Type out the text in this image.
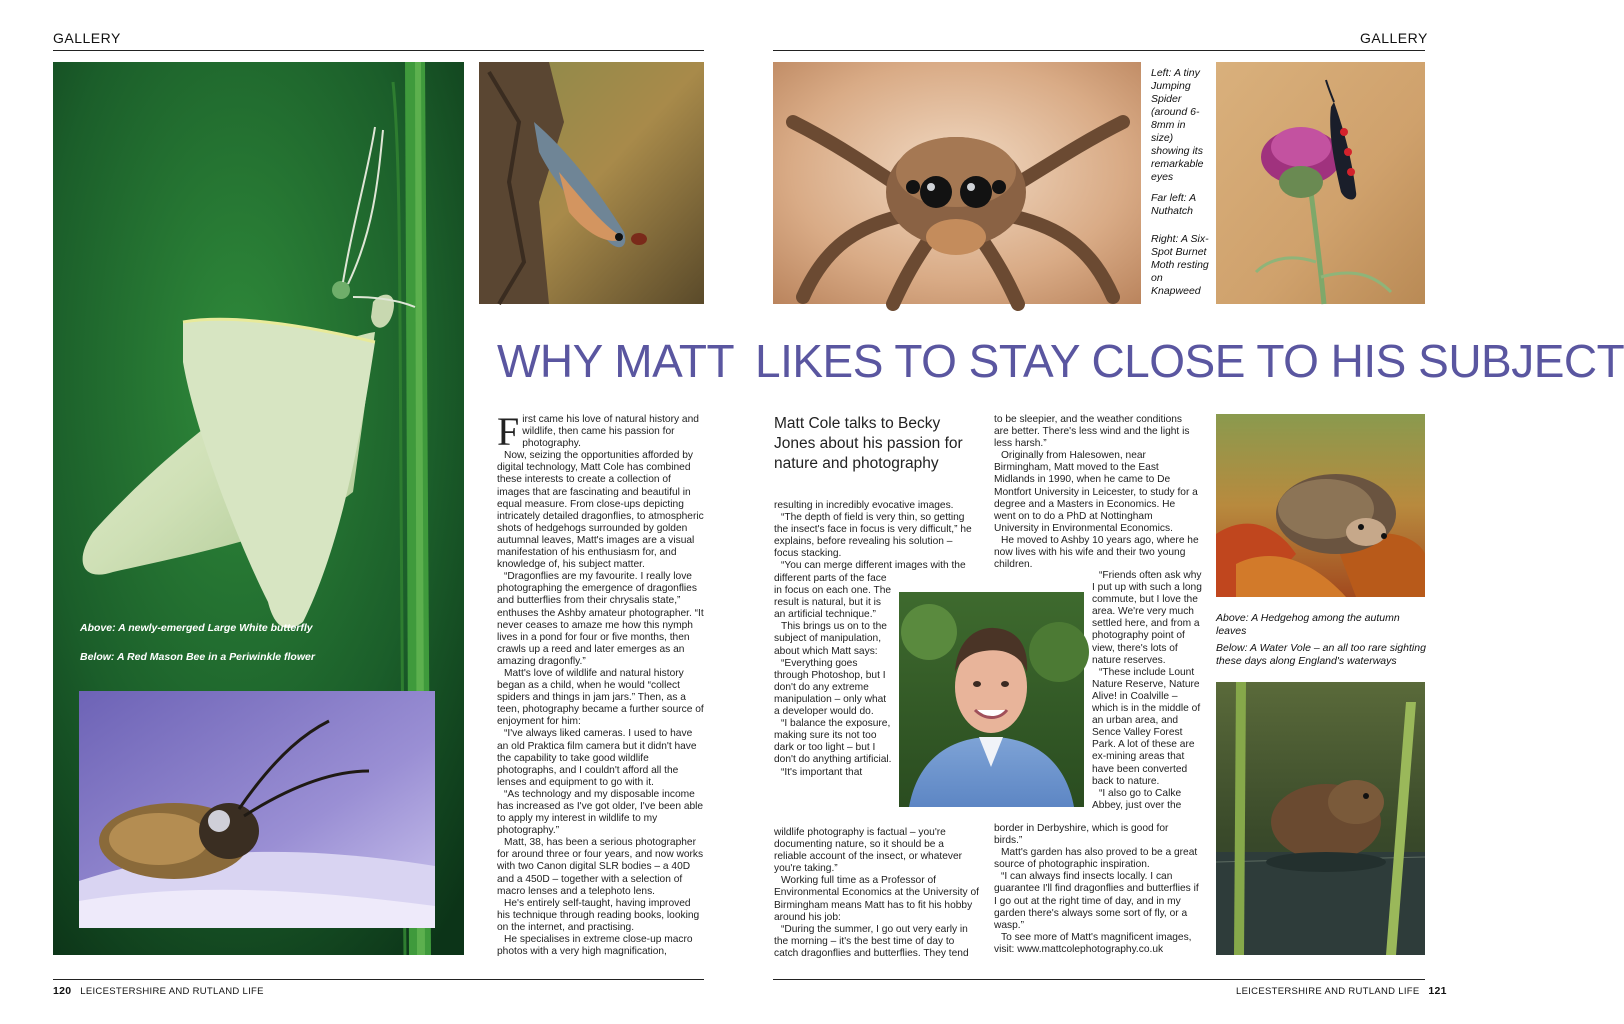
GALLERY
Above: A newly-emerged Large White butterfly
Below: A Red Mason Bee in a Periwinkle flower
WHY MATT

First came his love of natural history and wildlife, then came his passion for photography.

Now, seizing the opportunities afforded by digital technology, Matt Cole has combined these interests to create a collection of images that are fascinating and beautiful in equal measure. From close-ups depicting intricately detailed dragonflies, to atmospheric shots of hedgehogs surrounded by golden autumnal leaves, Matt's images are a visual manifestation of his enthusiasm for, and knowledge of, his subject matter.

“Dragonflies are my favourite. I really love photographing the emergence of dragonflies and butterflies from their chrysalis state,” enthuses the Ashby amateur photographer. “It never ceases to amaze me how this nymph lives in a pond for four or five months, then crawls up a reed and later emerges as an amazing dragonfly.”

Matt's love of wildlife and natural history began as a child, when he would “collect spiders and things in jam jars.” Then, as a teen, photography became a further source of enjoyment for him:

“I've always liked cameras. I used to have an old Praktica film camera but it didn't have the capability to take good wildlife photographs, and I couldn't afford all the lenses and equipment to go with it.

“As technology and my disposable income has increased as I've got older, I've been able to apply my interest in wildlife to my photography.”

Matt, 38, has been a serious photographer for around three or four years, and now works with two Canon digital SLR bodies – a 40D and a 450D – together with a selection of macro lenses and a telephoto lens.

He's entirely self-taught, having improved his technique through reading books, looking on the internet, and practising.

He specialises in extreme close-up macro photos with a very high magnification,

120 LEICESTERSHIRE AND RUTLAND LIFE
GALLERY
Left: A tiny Jumping Spider (around 6-8mm in size) showing its remarkable eyes
Far left: A Nuthatch
Right: A Six-Spot Burnet Moth resting on Knapweed
LIKES TO STAY CLOSE TO HIS SUBJECT
Matt Cole talks to Becky Jones about his passion for nature and photography

resulting in incredibly evocative images.

“The depth of field is very thin, so getting the insect's face in focus is very difficult,” he explains, before revealing his solution – focus stacking.

“You can merge different images with the

different parts of the face in focus on each one. The result is natural, but it is an artificial technique.”

This brings us on to the subject of manipulation, about which Matt says:

“Everything goes through Photoshop, but I don't do any extreme manipulation – only what a developer would do.

“I balance the exposure, making sure its not too dark or too light – but I don't do anything artificial.

“It's important that

wildlife photography is factual – you're documenting nature, so it should be a reliable account of the insect, or whatever you're taking.”

Working full time as a Professor of Environmental Economics at the University of Birmingham means Matt has to fit his hobby around his job:

“During the summer, I go out very early in the morning – it's the best time of day to catch dragonflies and butterflies. They tend

to be sleepier, and the weather conditions are better. There's less wind and the light is less harsh.”

Originally from Halesowen, near Birmingham, Matt moved to the East Midlands in 1990, when he came to De Montfort University in Leicester, to study for a degree and a Masters in Economics. He went on to do a PhD at Nottingham University in Environmental Economics.

He moved to Ashby 10 years ago, where he now lives with his wife and their two young children.

“Friends often ask why I put up with such a long commute, but I love the area. We're very much settled here, and from a photography point of view, there's lots of nature reserves.

“These include Lount Nature Reserve, Nature Alive! in Coalville – which is in the middle of an urban area, and Sence Valley Forest Park. A lot of these are ex-mining areas that have been converted back to nature.

“I also go to Calke Abbey, just over the

border in Derbyshire, which is good for birds.”

Matt's garden has also proved to be a great source of photographic inspiration.

“I can always find insects locally. I can guarantee I'll find dragonflies and butterflies if I go out at the right time of day, and in my garden there's always some sort of fly, or a wasp.”

To see more of Matt's magnificent images, visit: www.mattcolephotography.co.uk

Above: A Hedgehog among the autumn leaves
Below: A Water Vole – an all too rare sighting these days along England's waterways
LEICESTERSHIRE AND RUTLAND LIFE 121
